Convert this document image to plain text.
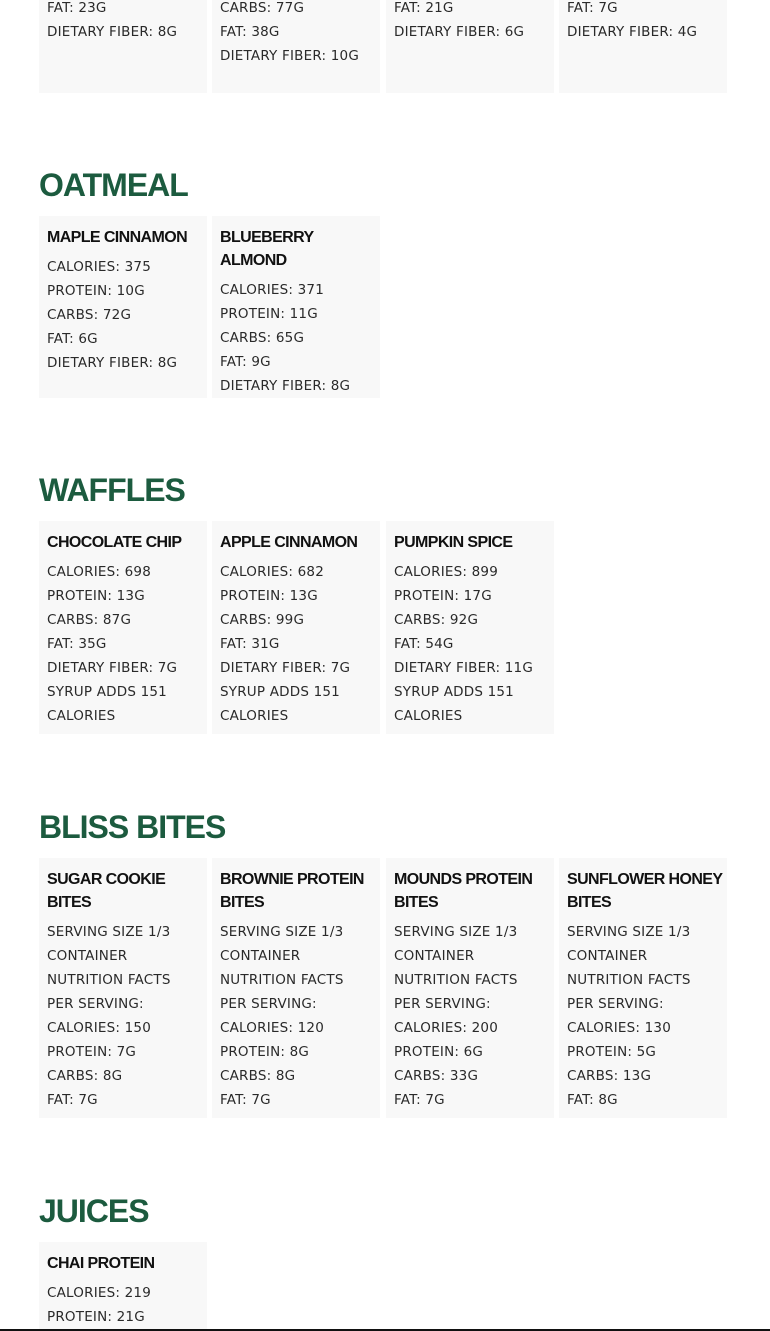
FAT: 23G
DIETARY FIBER: 8G
CARBS: 77G
FAT: 38G
DIETARY FIBER: 10G
FAT: 21G
DIETARY FIBER: 6G
FAT: 7G
DIETARY FIBER: 4G
OATMEAL
MAPLE CINNAMON
CALORIES: 375
PROTEIN: 10G
CARBS: 72G
FAT: 6G
DIETARY FIBER: 8G
BLUEBERRY ALMOND
CALORIES: 371
PROTEIN: 11G
CARBS: 65G
FAT: 9G
DIETARY FIBER: 8G
WAFFLES
CHOCOLATE CHIP
CALORIES: 698
PROTEIN: 13G
CARBS: 87G
FAT: 35G
DIETARY FIBER: 7G
SYRUP ADDS 151
CALORIES
APPLE CINNAMON
CALORIES: 682
PROTEIN: 13G
CARBS: 99G
FAT: 31G
DIETARY FIBER: 7G
SYRUP ADDS 151
CALORIES
PUMPKIN SPICE
CALORIES: 899
PROTEIN: 17G
CARBS: 92G
FAT: 54G
DIETARY FIBER: 11G
SYRUP ADDS 151
CALORIES
BLISS BITES
SUGAR COOKIE BITES
SERVING SIZE 1/3
CONTAINER
NUTRITION FACTS
PER SERVING:
CALORIES: 150
PROTEIN: 7G
CARBS: 8G
FAT: 7G
BROWNIE PROTEIN BITES
SERVING SIZE 1/3
CONTAINER
NUTRITION FACTS
PER SERVING:
CALORIES: 120
PROTEIN: 8G
CARBS: 8G
FAT: 7G
MOUNDS PROTEIN BITES
SERVING SIZE 1/3
CONTAINER
NUTRITION FACTS
PER SERVING:
CALORIES: 200
PROTEIN: 6G
CARBS: 33G
FAT: 7G
SUNFLOWER HONEY BITES
SERVING SIZE 1/3
CONTAINER
NUTRITION FACTS
PER SERVING:
CALORIES: 130
PROTEIN: 5G
CARBS: 13G
FAT: 8G
JUICES
CHAI PROTEIN
CALORIES: 219
PROTEIN: 21G
